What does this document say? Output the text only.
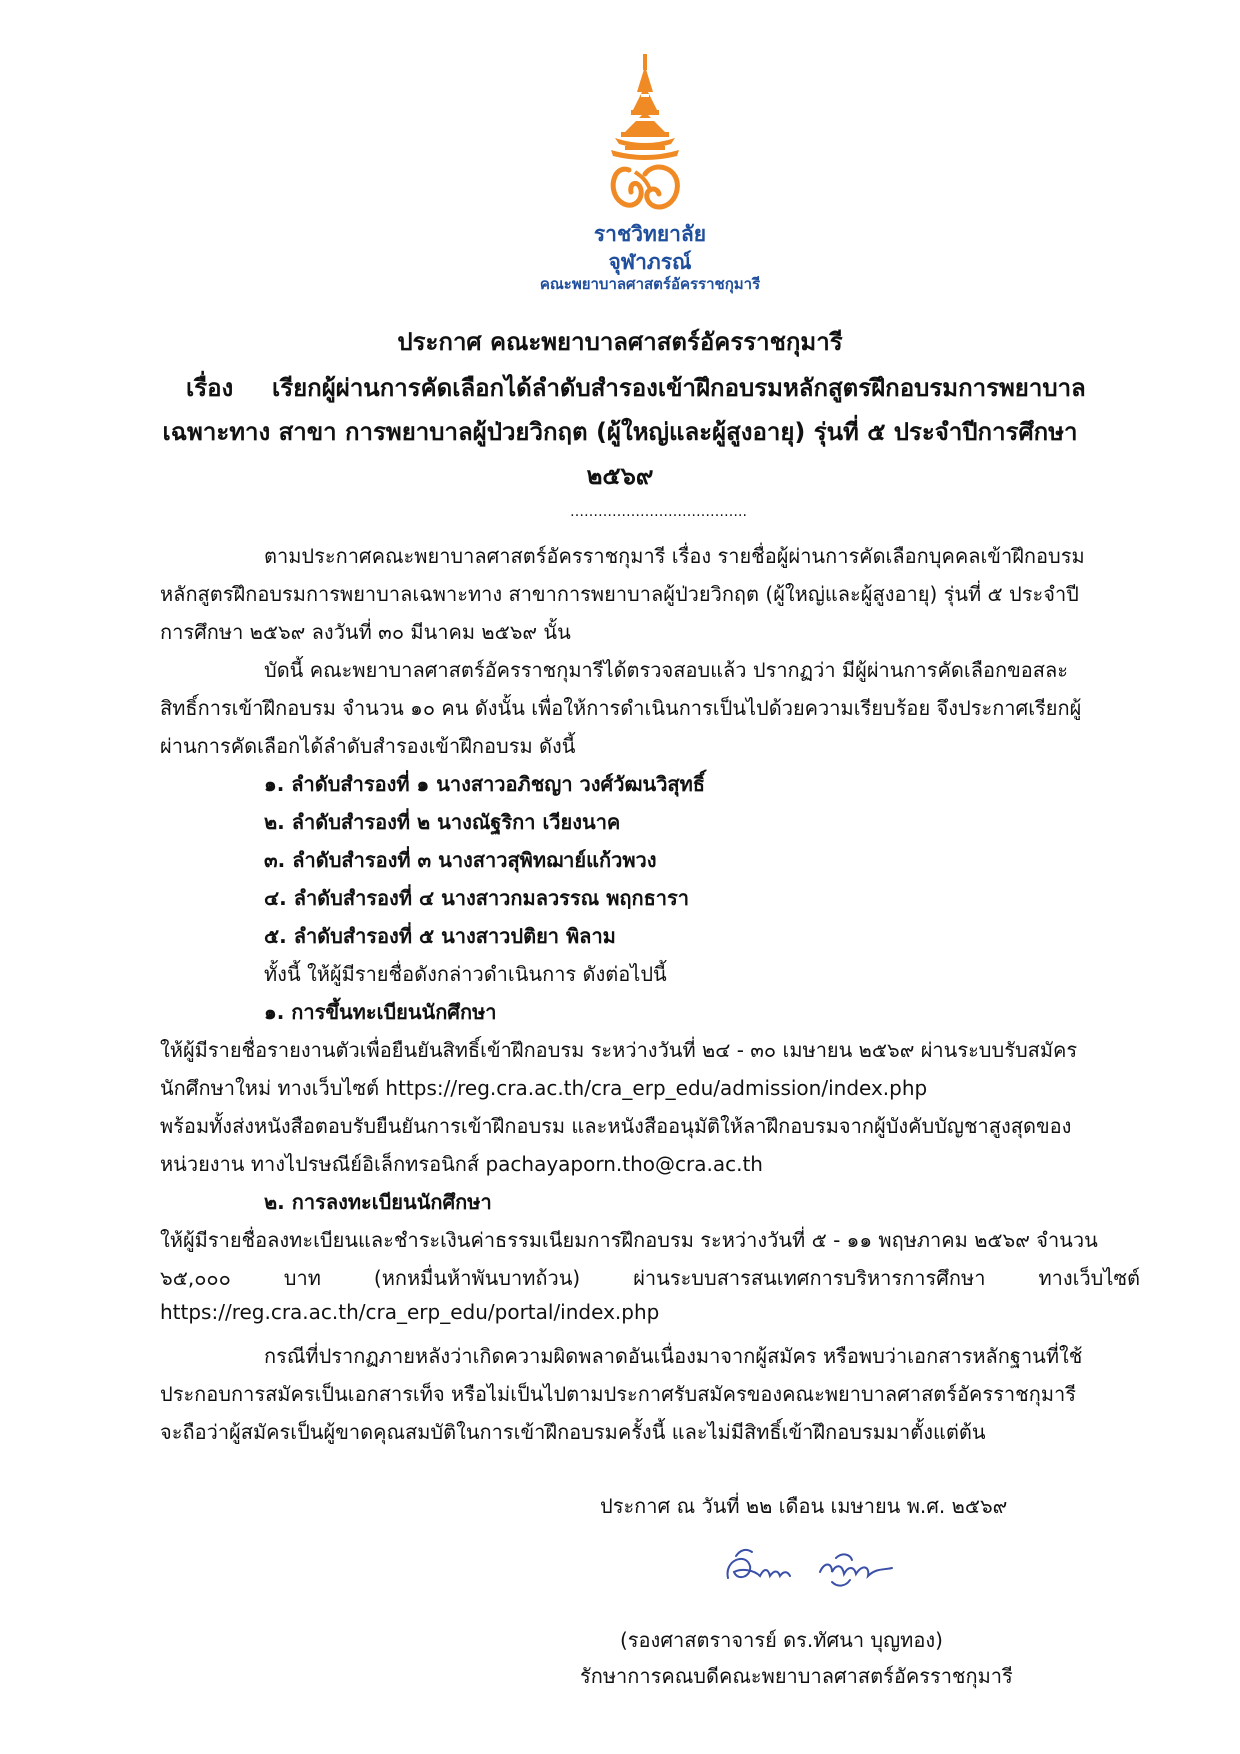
ราชวิทยาลัย
จุฬาภรณ์
คณะพยาบาลศาสตร์อัครราชกุมารี
ประกาศ คณะพยาบาลศาสตร์อัครราชกุมารี
เรื่อง เรียกผู้ผ่านการคัดเลือกได้ลำดับสำรองเข้าฝึกอบรมหลักสูตรฝึกอบรมการพยาบาล
เฉพาะทาง สาขา การพยาบาลผู้ป่วยวิกฤต (ผู้ใหญ่และผู้สูงอายุ) รุ่นที่ ๕ ประจำปีการศึกษา
๒๕๖๙
………………………………..
ตามประกาศคณะพยาบาลศาสตร์อัครราชกุมารี เรื่อง รายชื่อผู้ผ่านการคัดเลือกบุคคลเข้าฝึกอบรม
หลักสูตรฝึกอบรมการพยาบาลเฉพาะทาง สาขาการพยาบาลผู้ป่วยวิกฤต (ผู้ใหญ่และผู้สูงอายุ) รุ่นที่ ๕ ประจำปี
การศึกษา ๒๕๖๙ ลงวันที่ ๓๐ มีนาคม ๒๕๖๙ นั้น
บัดนี้ คณะพยาบาลศาสตร์อัครราชกุมารีได้ตรวจสอบแล้ว ปรากฏว่า มีผู้ผ่านการคัดเลือกขอสละ
สิทธิ์การเข้าฝึกอบรม จำนวน ๑๐ คน ดังนั้น เพื่อให้การดำเนินการเป็นไปด้วยความเรียบร้อย จึงประกาศเรียกผู้
ผ่านการคัดเลือกได้ลำดับสำรองเข้าฝึกอบรม ดังนี้
๑. ลำดับสำรองที่ ๑ นางสาวอภิชญา วงศ์วัฒนวิสุทธิ์
๒. ลำดับสำรองที่ ๒ นางณัฐริกา เวียงนาค
๓. ลำดับสำรองที่ ๓ นางสาวสุพิทฌาย์แก้วพวง
๔. ลำดับสำรองที่ ๔ นางสาวกมลวรรณ พฤกธารา
๕. ลำดับสำรองที่ ๕ นางสาวปติยา พิลาม
ทั้งนี้ ให้ผู้มีรายชื่อดังกล่าวดำเนินการ ดังต่อไปนี้
๑. การขึ้นทะเบียนนักศึกษา
ให้ผู้มีรายชื่อรายงานตัวเพื่อยืนยันสิทธิ์เข้าฝึกอบรม ระหว่างวันที่ ๒๔ - ๓๐ เมษายน ๒๕๖๙ ผ่านระบบรับสมัคร
นักศึกษาใหม่ ทางเว็บไซต์ https://reg.cra.ac.th/cra_erp_edu/admission/index.php
พร้อมทั้งส่งหนังสือตอบรับยืนยันการเข้าฝึกอบรม และหนังสืออนุมัติให้ลาฝึกอบรมจากผู้บังคับบัญชาสูงสุดของ
หน่วยงาน ทางไปรษณีย์อิเล็กทรอนิกส์ pachayaporn.tho@cra.ac.th
๒. การลงทะเบียนนักศึกษา
ให้ผู้มีรายชื่อลงทะเบียนและชำระเงินค่าธรรมเนียมการฝึกอบรม ระหว่างวันที่ ๕ - ๑๑ พฤษภาคม ๒๕๖๙ จำนวน
๖๕,๐๐๐	บาท	(หกหมื่นห้าพันบาทถ้วน)	ผ่านระบบสารสนเทศการบริหารการศึกษา	ทางเว็บไซต์
https://reg.cra.ac.th/cra_erp_edu/portal/index.php
กรณีที่ปรากฏภายหลังว่าเกิดความผิดพลาดอันเนื่องมาจากผู้สมัคร หรือพบว่าเอกสารหลักฐานที่ใช้
ประกอบการสมัครเป็นเอกสารเท็จ หรือไม่เป็นไปตามประกาศรับสมัครของคณะพยาบาลศาสตร์อัครราชกุมารี
จะถือว่าผู้สมัครเป็นผู้ขาดคุณสมบัติในการเข้าฝึกอบรมครั้งนี้ และไม่มีสิทธิ์เข้าฝึกอบรมมาตั้งแต่ต้น
ประกาศ ณ วันที่ ๒๒ เดือน เมษายน พ.ศ. ๒๕๖๙
(รองศาสตราจารย์ ดร.ทัศนา บุญทอง)
รักษาการคณบดีคณะพยาบาลศาสตร์อัครราชกุมารี
